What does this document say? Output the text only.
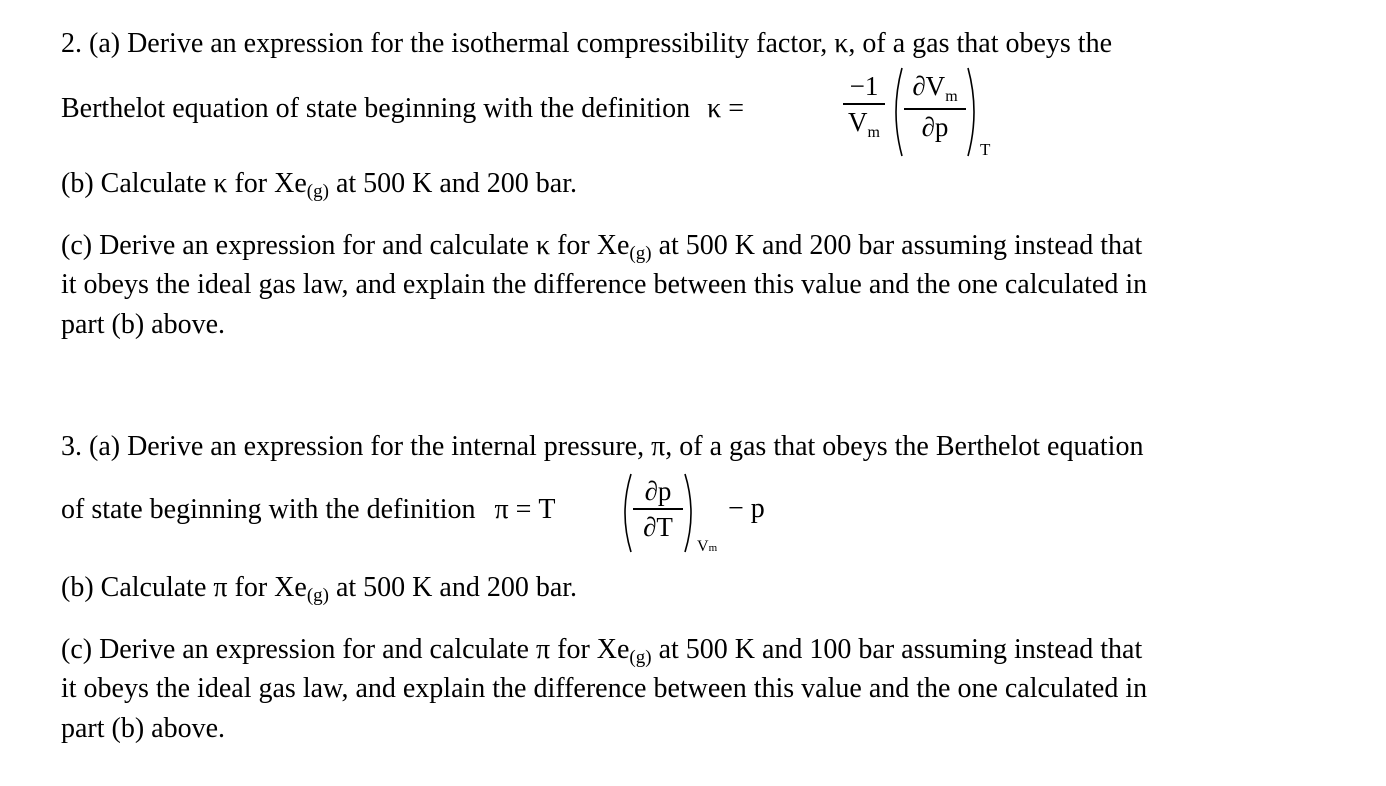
2. (a) Derive an expression for the isothermal compressibility factor, κ, of a gas that obeys the
Berthelot equation of state beginning with the definition κ =
−1
$V_m$
$\partial V_m$
∂p
T
(b) Calculate κ for Xe(g) at 500 K and 200 bar.
(c) Derive an expression for and calculate κ for Xe(g) at 500 K and 200 bar assuming instead that
it obeys the ideal gas law, and explain the difference between this value and the one calculated in
part (b) above.
3. (a) Derive an expression for the internal pressure, π, of a gas that obeys the Berthelot equation
of state beginning with the definition π = T
∂p
∂T
Vm
− p
(b) Calculate π for Xe(g) at 500 K and 200 bar.
(c) Derive an expression for and calculate π for Xe(g) at 500 K and 100 bar assuming instead that
it obeys the ideal gas law, and explain the difference between this value and the one calculated in
part (b) above.
